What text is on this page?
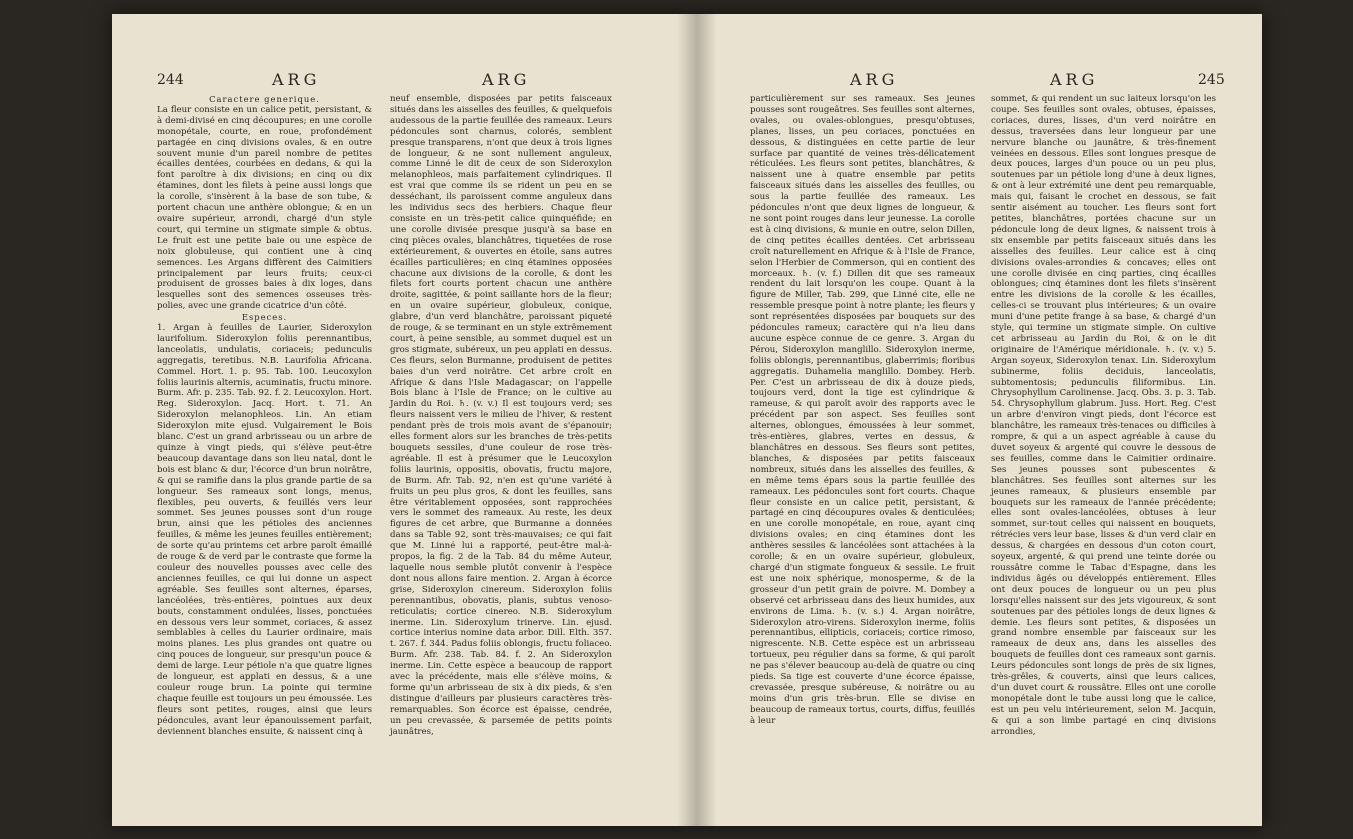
244	ARG	ARG

Caractere generique.

La fleur consiste en un calice petit, persistant, & à demi-divisé en cinq découpures; en une corolle monopétale, courte, en roue, profondément partagée en cinq divisions ovales, & en outre souvent munie d'un pareil nombre de petites écailles dentées, courbées en dedans, & qui la font paroître à dix divisions; en cinq ou dix étamines, dont les filets à peine aussi longs que la corolle, s'insèrent à la base de son tube, & portent chacun une anthère oblongue; & en un ovaire supérieur, arrondi, chargé d'un style court, qui termine un stigmate simple & obtus. Le fruit est une petite baie ou une espèce de noix globuleuse, qui contient une à cinq semences. Les Argans diffèrent des Caimitiers principalement par leurs fruits; ceux-ci produisent de grosses baies à dix loges, dans lesquelles sont des semences osseuses très-polies, avec une grande cicatrice d'un côté.

Especes.

1. Argan à feuilles de Laurier, Sideroxylon laurifolium. Sideroxylon foliis perennantibus, lanceolatis, undulatis, coriaceis; pedunculis aggregatis, teretibus. N.B. Laurifolia Africana. Commel. Hort. 1. p. 95. Tab. 100. Leucoxylon foliis laurinis alternis, acuminatis, fructu minore. Burm. Afr. p. 235. Tab. 92. f. 2. Leucoxylon. Hort. Reg. Sideroxylon. Jacq. Hort. t. 71. An Sideroxylon melanophleos. Lin. An etiam Sideroxylon mite ejusd. Vulgairement le Bois blanc. C'est un grand arbrisseau ou un arbre de quinze à vingt pieds, qui s'élève peut-être beaucoup davantage dans son lieu natal, dont le bois est blanc & dur, l'écorce d'un brun noirâtre, & qui se ramifie dans la plus grande partie de sa longueur. Ses rameaux sont longs, menus, flexibles, peu ouverts, & feuillés vers leur sommet. Ses jeunes pousses sont d'un rouge brun, ainsi que les pétioles des anciennes feuilles, & même les jeunes feuilles entièrement; de sorte qu'au printems cet arbre paroît émaillé de rouge & de verd par le contraste que forme la couleur des nouvelles pousses avec celle des anciennes feuilles, ce qui lui donne un aspect agréable. Ses feuilles sont alternes, éparses, lancéolées, très-entières, pointues aux deux bouts, constamment ondulées, lisses, ponctuées en dessous vers leur sommet, coriaces, & assez semblables à celles du Laurier ordinaire, mais moins planes. Les plus grandes ont quatre ou cinq pouces de longueur, sur presqu'un pouce & demi de large. Leur pétiole n'a que quatre lignes de longueur, est applati en dessus, & a une couleur rouge brun. La pointe qui termine chaque feuille est toujours un peu émoussée. Les fleurs sont petites, rouges, ainsi que leurs pédoncules, avant leur épanouissement parfait, deviennent blanches ensuite, & naissent cinq à

neuf ensemble, disposées par petits faisceaux situés dans les aisselles des feuilles, & quelquefois audessous de la partie feuillée des rameaux. Leurs pédoncules sont charnus, colorés, semblent presque transparens, n'ont que deux à trois lignes de longueur, & ne sont nullement anguleux, comme Linné le dit de ceux de son Sideroxylon melanophleos, mais parfaitement cylindriques. Il est vrai que comme ils se rident un peu en se desséchant, ils paroissent comme anguleux dans les individus secs des herbiers. Chaque fleur consiste en un très-petit calice quinquéfide; en une corolle divisée presque jusqu'à sa base en cinq pièces ovales, blanchâtres, tiquetées de rose extérieurement, & ouvertes en étoile, sans autres écailles particulières; en cinq étamines opposées chacune aux divisions de la corolle, & dont les filets fort courts portent chacun une anthère droite, sagittée, & point saillante hors de la fleur; en un ovaire supérieur, globuleux, conique, glabre, d'un verd blanchâtre, paroissant piqueté de rouge, & se terminant en un style extrêmement court, à peine sensible, au sommet duquel est un gros stigmate, subéreux, un peu applati en dessus. Ces fleurs, selon Burmanne, produisent de petites baies d'un verd noirâtre. Cet arbre croît en Afrique & dans l'Isle Madagascar; on l'appelle Bois blanc à l'Isle de France; on le cultive au Jardin du Roi. ♄. (v. v.) Il est toujours verd; ses fleurs naissent vers le milieu de l'hiver, & restent pendant près de trois mois avant de s'épanouir; elles forment alors sur les branches de très-petits bouquets sessiles, d'une couleur de rose très-agréable. Il est à présumer que le Leucoxylon foliis laurinis, oppositis, obovatis, fructu majore, de Burm. Afr. Tab. 92, n'en est qu'une variété à fruits un peu plus gros, & dont les feuilles, sans être véritablement opposées, sont rapprochées vers le sommet des rameaux. Au reste, les deux figures de cet arbre, que Burmanne a données dans sa Table 92, sont très-mauvaises; ce qui fait que M. Linné lui a rapporté, peut-être mal-à-propos, la fig. 2 de la Tab. 84 du même Auteur, laquelle nous semble plutôt convenir à l'espèce dont nous allons faire mention. 2. Argan à écorce grise, Sideroxylon cinereum. Sideroxylon foliis perennantibus, obovatis, planis, subtus venoso-reticulatis; cortice cinereo. N.B. Sideroxylum inerme. Lin. Sideroxylum trinerve. Lin. ejusd. cortice interius nomine data arbor. Dill. Elth. 357. t. 267. f. 344. Padus foliis oblongis, fructu foliaceo. Burm. Afr. 238. Tab. 84. f. 2. An Sideroxylon inerme. Lin. Cette espèce a beaucoup de rapport avec la précédente, mais elle s'élève moins, & forme qu'un arbrisseau de six à dix pieds, & s'en distingue d'ailleurs par plusieurs caractères très-remarquables. Son écorce est épaisse, cendrée, un peu crevassée, & parsemée de petits points jaunâtres,

ARG	ARG	245

particulièrement sur ses rameaux. Ses jeunes pousses sont rougeâtres. Ses feuilles sont alternes, ovales, ou ovales-oblongues, presqu'obtuses, planes, lisses, un peu coriaces, ponctuées en dessous, & distinguées en cette partie de leur surface par quantité de veines très-délicatement réticulées. Les fleurs sont petites, blanchâtres, & naissent une à quatre ensemble par petits faisceaux situés dans les aisselles des feuilles, ou sous la partie feuillée des rameaux. Les pédoncules n'ont que deux lignes de longueur, & ne sont point rouges dans leur jeunesse. La corolle est à cinq divisions, & munie en outre, selon Dillen, de cinq petites écailles dentées. Cet arbrisseau croît naturellement en Afrique & à l'Isle de France, selon l'Herbier de Commerson, qui en contient des morceaux. ♄. (v. f.) Dillen dit que ses rameaux rendent du lait lorsqu'on les coupe. Quant à la figure de Miller, Tab. 299, que Linné cite, elle ne ressemble presque point à notre plante; les fleurs y sont représentées disposées par bouquets sur des pédoncules rameux; caractère qui n'a lieu dans aucune espèce connue de ce genre. 3. Argan du Pérou, Sideroxylon manglillo. Sideroxylon inerme, foliis oblongis, perennantibus, glaberrimis; floribus aggregatis. Duhamelia manglillo. Dombey. Herb. Per. C'est un arbrisseau de dix à douze pieds, toujours verd, dont la tige est cylindrique & rameuse, & qui paroît avoir des rapports avec le précédent par son aspect. Ses feuilles sont alternes, oblongues, émoussées à leur sommet, très-entières, glabres, vertes en dessus, & blanchâtres en dessous. Ses fleurs sont petites, blanches, & disposées par petits faisceaux nombreux, situés dans les aisselles des feuilles, & en même tems épars sous la partie feuillée des rameaux. Les pédoncules sont fort courts. Chaque fleur consiste en un calice petit, persistant, & partagé en cinq découpures ovales & denticulées; en une corolle monopétale, en roue, ayant cinq divisions ovales; en cinq étamines dont les anthères sessiles & lancéolées sont attachées à la corolle; & en un ovaire supérieur, globuleux, chargé d'un stigmate fongueux & sessile. Le fruit est une noix sphérique, monosperme, & de la grosseur d'un petit grain de poivre. M. Dombey a observé cet arbrisseau dans des lieux humides, aux environs de Lima. ♄. (v. s.) 4. Argan noirâtre, Sideroxylon atro-virens. Sideroxylon inerme, foliis perennantibus, ellipticis, coriaceis; cortice rimoso, nigrescente. N.B. Cette espèce est un arbrisseau tortueux, peu régulier dans sa forme, & qui paroît ne pas s'élever beaucoup au-delà de quatre ou cinq pieds. Sa tige est couverte d'une écorce épaisse, crevassée, presque subéreuse, & noirâtre ou au moins d'un gris très-brun. Elle se divise en beaucoup de rameaux tortus, courts, diffus, feuillés à leur

sommet, & qui rendent un suc laiteux lorsqu'on les coupe. Ses feuilles sont ovales, obtuses, épaisses, coriaces, dures, lisses, d'un verd noirâtre en dessus, traversées dans leur longueur par une nervure blanche ou jaunâtre, & très-finement veinées en dessous. Elles sont longues presque de deux pouces, larges d'un pouce ou un peu plus, soutenues par un pétiole long d'une à deux lignes, & ont à leur extrémité une dent peu remarquable, mais qui, faisant le crochet en dessous, se fait sentir aisément au toucher. Les fleurs sont fort petites, blanchâtres, portées chacune sur un pédoncule long de deux lignes, & naissent trois à six ensemble par petits faisceaux situés dans les aisselles des feuilles. Leur calice est à cinq divisions ovales-arrondies & concaves; elles ont une corolle divisée en cinq parties, cinq écailles oblongues; cinq étamines dont les filets s'insèrent entre les divisions de la corolle & les écailles, celles-ci se trouvant plus intérieures; & un ovaire muni d'une petite frange à sa base, & chargé d'un style, qui termine un stigmate simple. On cultive cet arbrisseau au Jardin du Roi, & on le dit originaire de l'Amérique méridionale. ♄. (v. v.) 5. Argan soyeux, Sideroxylon tenax. Lin. Sideroxylum subinerme, foliis deciduis, lanceolatis, subtomentosis; pedunculis filiformibus. Lin. Chrysophyllum Carolinense. Jacq. Obs. 3. p. 3. Tab. 54. Chrysophyllum glabrum. Juss. Hort. Reg. C'est un arbre d'environ vingt pieds, dont l'écorce est blanchâtre, les rameaux très-tenaces ou difficiles à rompre, & qui a un aspect agréable à cause du duvet soyeux & argenté qui couvre le dessous de ses feuilles, comme dans le Caimitier ordinaire. Ses jeunes pousses sont pubescentes & blanchâtres. Ses feuilles sont alternes sur les jeunes rameaux, & plusieurs ensemble par bouquets sur les rameaux de l'année précédente; elles sont ovales-lancéolées, obtuses à leur sommet, sur-tout celles qui naissent en bouquets, rétrécies vers leur base, lisses & d'un verd clair en dessus, & chargées en dessous d'un coton court, soyeux, argenté, & qui prend une teinte dorée ou roussâtre comme le Tabac d'Espagne, dans les individus âgés ou développés entièrement. Elles ont deux pouces de longueur ou un peu plus lorsqu'elles naissent sur des jets vigoureux, & sont soutenues par des pétioles longs de deux lignes & demie. Les fleurs sont petites, & disposées un grand nombre ensemble par faisceaux sur les rameaux de deux ans, dans les aisselles des bouquets de feuilles dont ces rameaux sont garnis. Leurs pédoncules sont longs de près de six lignes, très-grêles, & couverts, ainsi que leurs calices, d'un duvet court & roussâtre. Elles ont une corolle monopétale dont le tube aussi long que le calice, est un peu velu intérieurement, selon M. Jacquin, & qui a son limbe partagé en cinq divisions arrondies,
